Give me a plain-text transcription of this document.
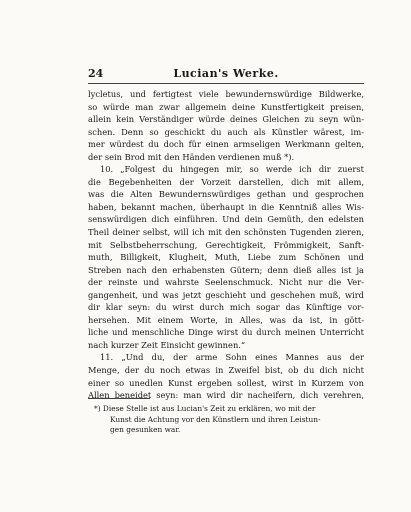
24	Lucian's Werke.
lycletus, und fertigtest viele bewundernswürdige Bildwerke,
so würde man zwar allgemein deine Kunstfertigkeit preisen,
allein kein Verständiger würde deines Gleichen zu seyn wün-
schen. Denn so geschickt du auch als Künstler wärest, im-
mer würdest du doch für einen armseligen Werkmann gelten,
der sein Brod mit den Händen verdienen muß *).
10. „Folgest du hingegen mir, so werde ich dir zuerst
die Begebenheiten der Vorzeit darstellen, dich mit allem,
was die Alten Bewundernswürdiges gethan und gesprochen
haben, bekannt machen, überhaupt in die Kenntniß alles Wis-
senswürdigen dich einführen. Und dein Gemüth, den edelsten
Theil deiner selbst, will ich mit den schönsten Tugenden zieren,
mit Selbstbeherrschung, Gerechtigkeit, Frömmigkeit, Sanft-
muth, Billigkeit, Klugheit, Muth, Liebe zum Schönen und
Streben nach den erhabensten Gütern; denn dieß alles ist ja
der reinste und wahrste Seelenschmuck. Nicht nur die Ver-
gangenheit, und was jetzt geschieht und geschehen muß, wird
dir klar seyn: du wirst durch mich sogar das Künftige vor-
hersehen. Mit einem Worte, in Alles, was da ist, in gött-
liche und menschliche Dinge wirst du durch meinen Unterricht
nach kurzer Zeit Einsicht gewinnen.“
11. „Und du, der arme Sohn eines Mannes aus der
Menge, der du noch etwas in Zweifel bist, ob du dich nicht
einer so unedlen Kunst ergeben sollest, wirst in Kurzem von
Allen beneidet seyn: man wird dir nacheifern, dich verehren,
*) Diese Stelle ist aus Lucian's Zeit zu erklären, wo mit der
Kunst die Achtung vor den Künstlern und ihren Leistun-
gen gesunken war.
